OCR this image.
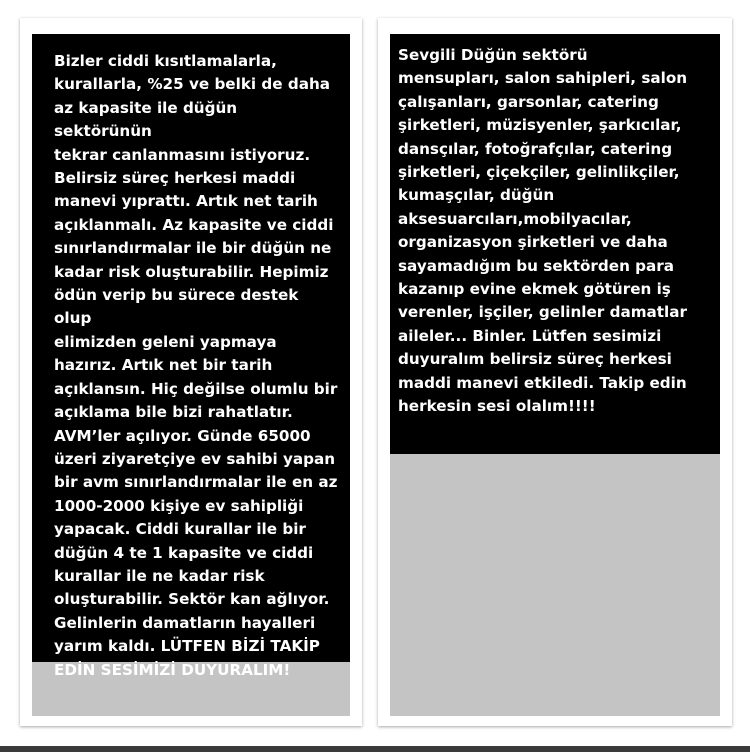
Bizler ciddi kısıtlamalarla,
kurallarla, %25 ve belki de daha
az kapasite ile düğün sektörünün
tekrar canlanmasını istiyoruz.
Belirsiz süreç herkesi maddi
manevi yıprattı. Artık net tarih
açıklanmalı. Az kapasite ve ciddi
sınırlandırmalar ile bir düğün ne
kadar risk oluşturabilir. Hepimiz
ödün verip bu sürece destek olup
elimizden geleni yapmaya
hazırız. Artık net bir tarih
açıklansın. Hiç değilse olumlu bir
açıklama bile bizi rahatlatır.
AVM’ler açılıyor. Günde 65000
üzeri ziyaretçiye ev sahibi yapan
bir avm sınırlandırmalar ile en az
1000-2000 kişiye ev sahipliği
yapacak. Ciddi kurallar ile bir
düğün 4 te 1 kapasite ve ciddi
kurallar ile ne kadar risk
oluşturabilir. Sektör kan ağlıyor.
Gelinlerin damatların hayalleri
yarım kaldı. LÜTFEN BİZİ TAKİP
EDİN SESİMİZİ DUYURALIM!
Sevgili Düğün sektörü
mensupları, salon sahipleri, salon
çalışanları, garsonlar, catering
şirketleri, müzisyenler, şarkıcılar,
dansçılar, fotoğrafçılar, catering
şirketleri, çiçekçiler, gelinlikçiler,
kumaşçılar, düğün
aksesuarcıları,mobilyacılar,
organizasyon şirketleri ve daha
sayamadığım bu sektörden para
kazanıp evine ekmek götüren iş
verenler, işçiler, gelinler damatlar
aileler... Binler. Lütfen sesimizi
duyuralım belirsiz süreç herkesi
maddi manevi etkiledi. Takip edin
herkesin sesi olalım!!!!
